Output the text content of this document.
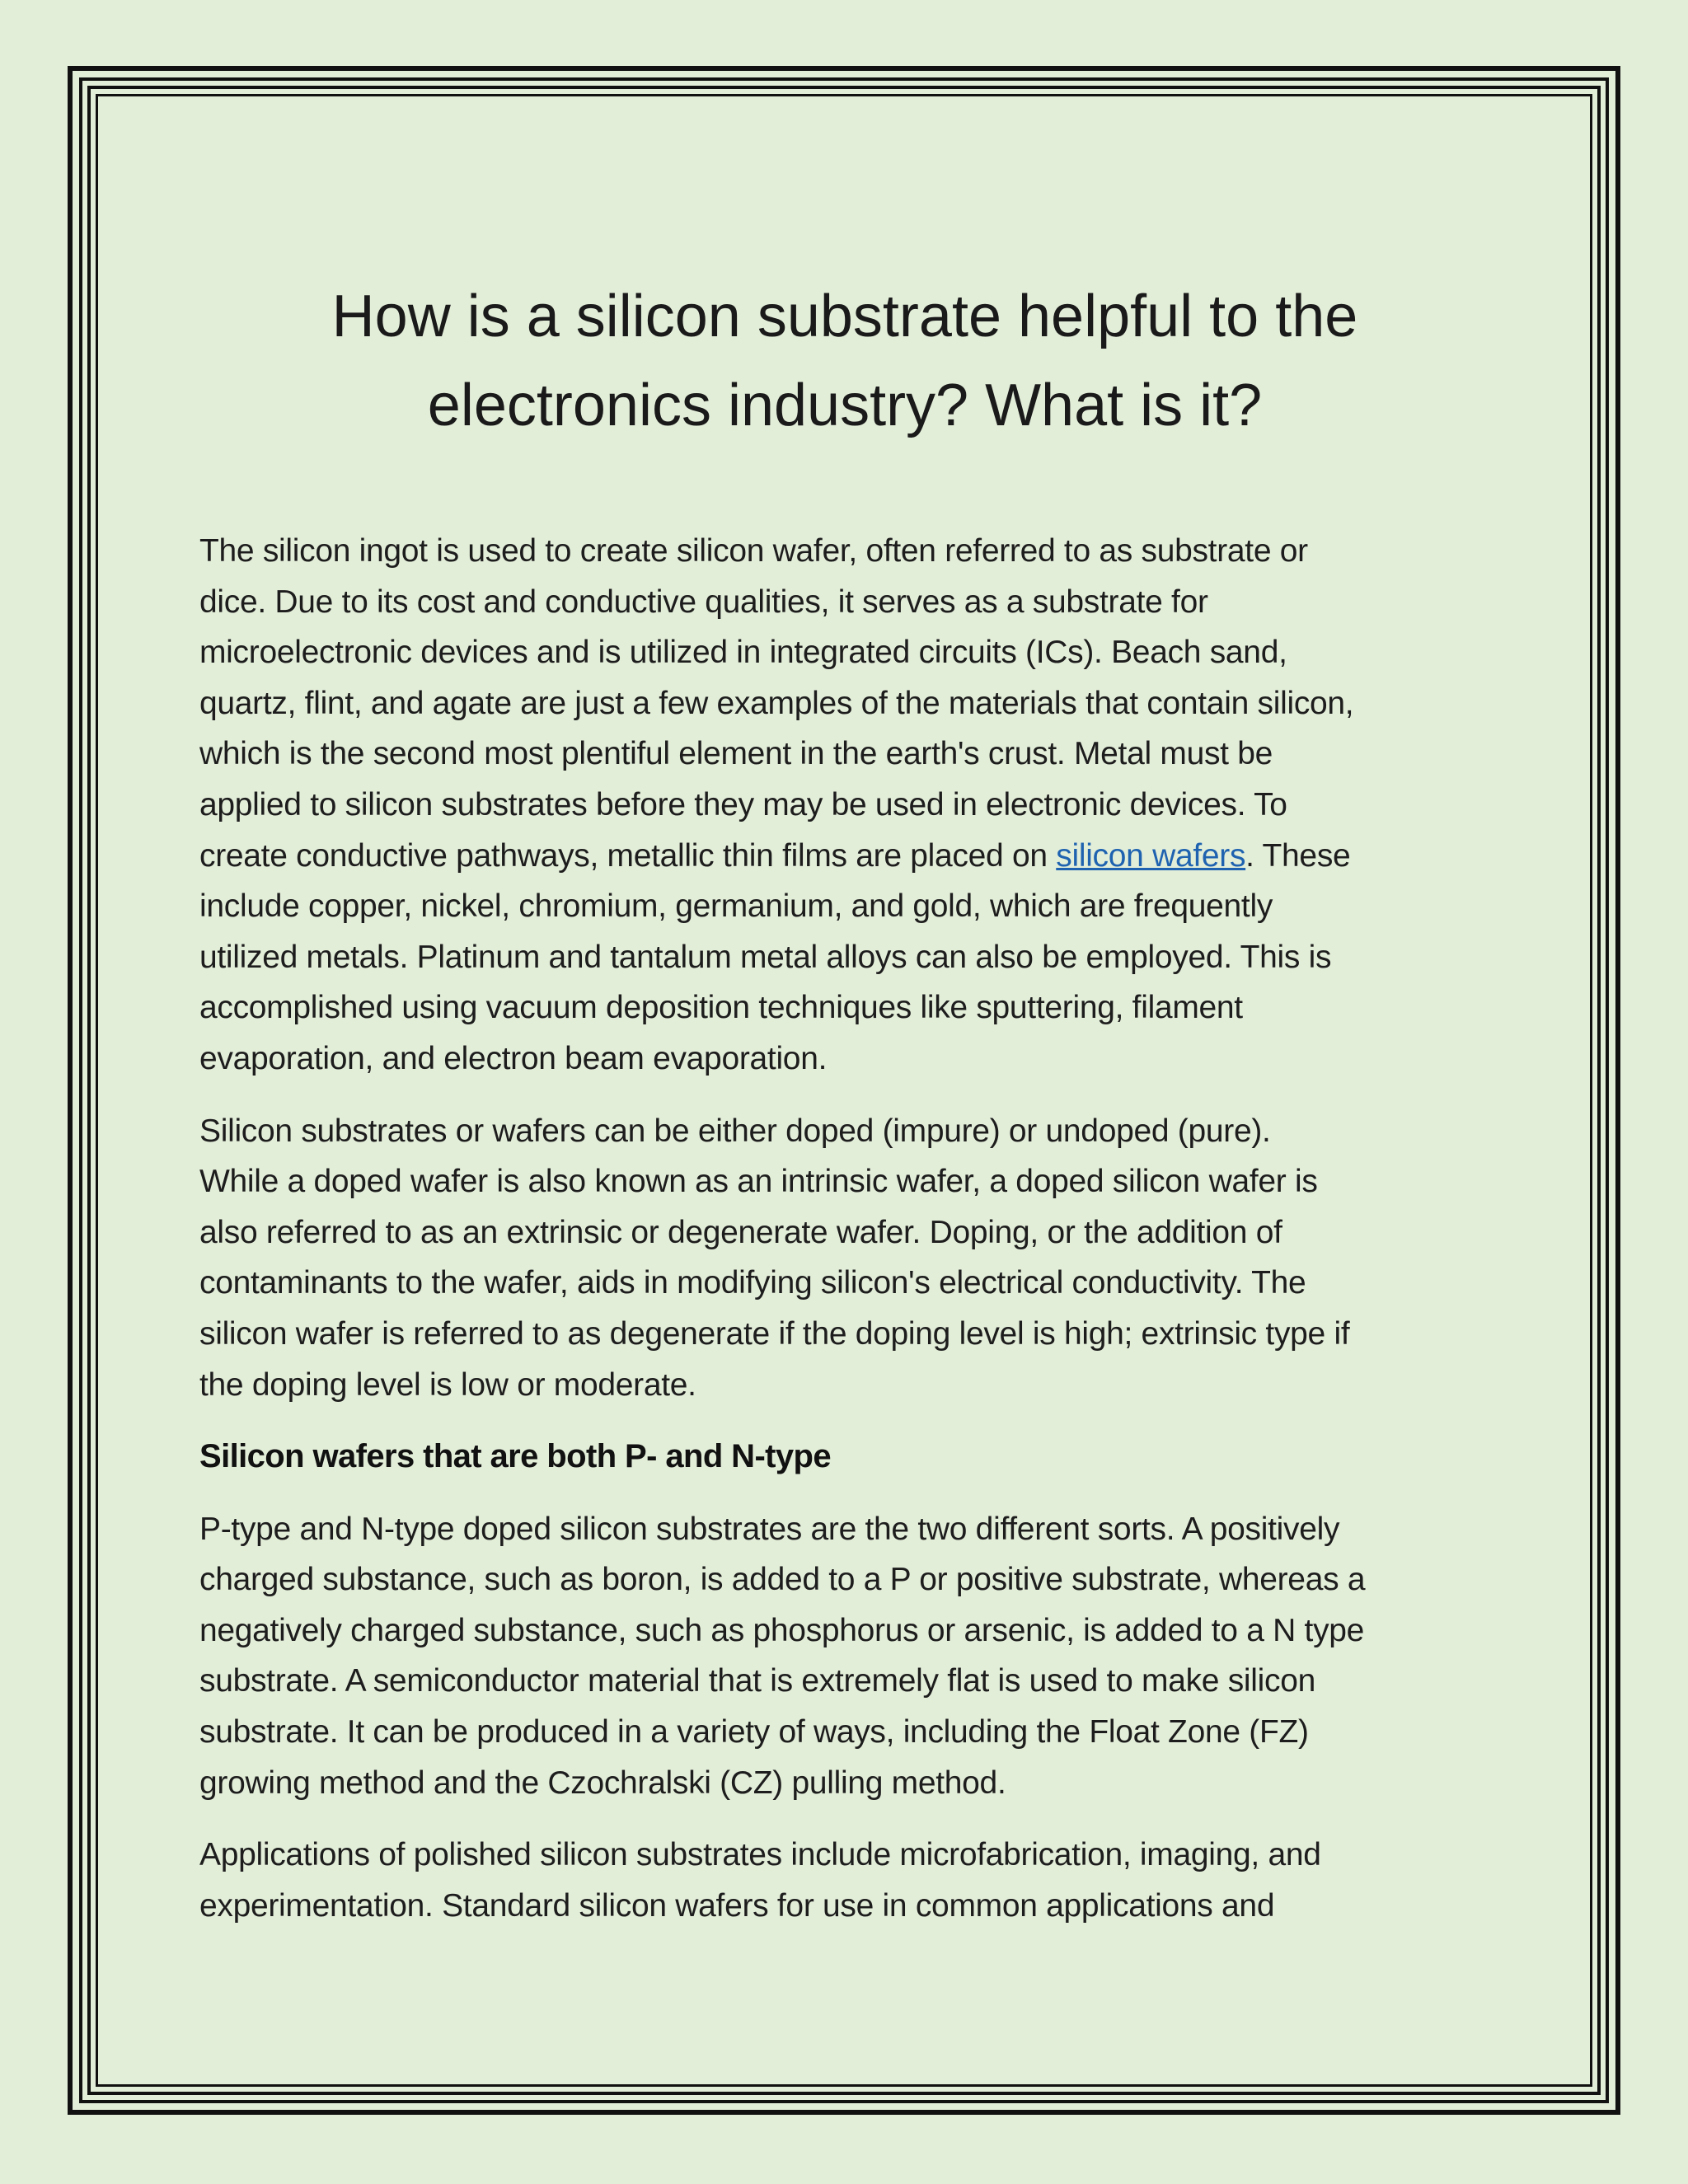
How is a silicon substrate helpful to the
electronics industry? What is it?
The silicon ingot is used to create silicon wafer, often referred to as substrate or
dice. Due to its cost and conductive qualities, it serves as a substrate for
microelectronic devices and is utilized in integrated circuits (ICs). Beach sand,
quartz, flint, and agate are just a few examples of the materials that contain silicon,
which is the second most plentiful element in the earth's crust. Metal must be
applied to silicon substrates before they may be used in electronic devices. To
create conductive pathways, metallic thin films are placed on silicon wafers. These
include copper, nickel, chromium, germanium, and gold, which are frequently
utilized metals. Platinum and tantalum metal alloys can also be employed. This is
accomplished using vacuum deposition techniques like sputtering, filament
evaporation, and electron beam evaporation.
Silicon substrates or wafers can be either doped (impure) or undoped (pure).
While a doped wafer is also known as an intrinsic wafer, a doped silicon wafer is
also referred to as an extrinsic or degenerate wafer. Doping, or the addition of
contaminants to the wafer, aids in modifying silicon's electrical conductivity. The
silicon wafer is referred to as degenerate if the doping level is high; extrinsic type if
the doping level is low or moderate.
Silicon wafers that are both P- and N-type
P-type and N-type doped silicon substrates are the two different sorts. A positively
charged substance, such as boron, is added to a P or positive substrate, whereas a
negatively charged substance, such as phosphorus or arsenic, is added to a N type
substrate. A semiconductor material that is extremely flat is used to make silicon
substrate. It can be produced in a variety of ways, including the Float Zone (FZ)
growing method and the Czochralski (CZ) pulling method.
Applications of polished silicon substrates include microfabrication, imaging, and
experimentation. Standard silicon wafers for use in common applications and
